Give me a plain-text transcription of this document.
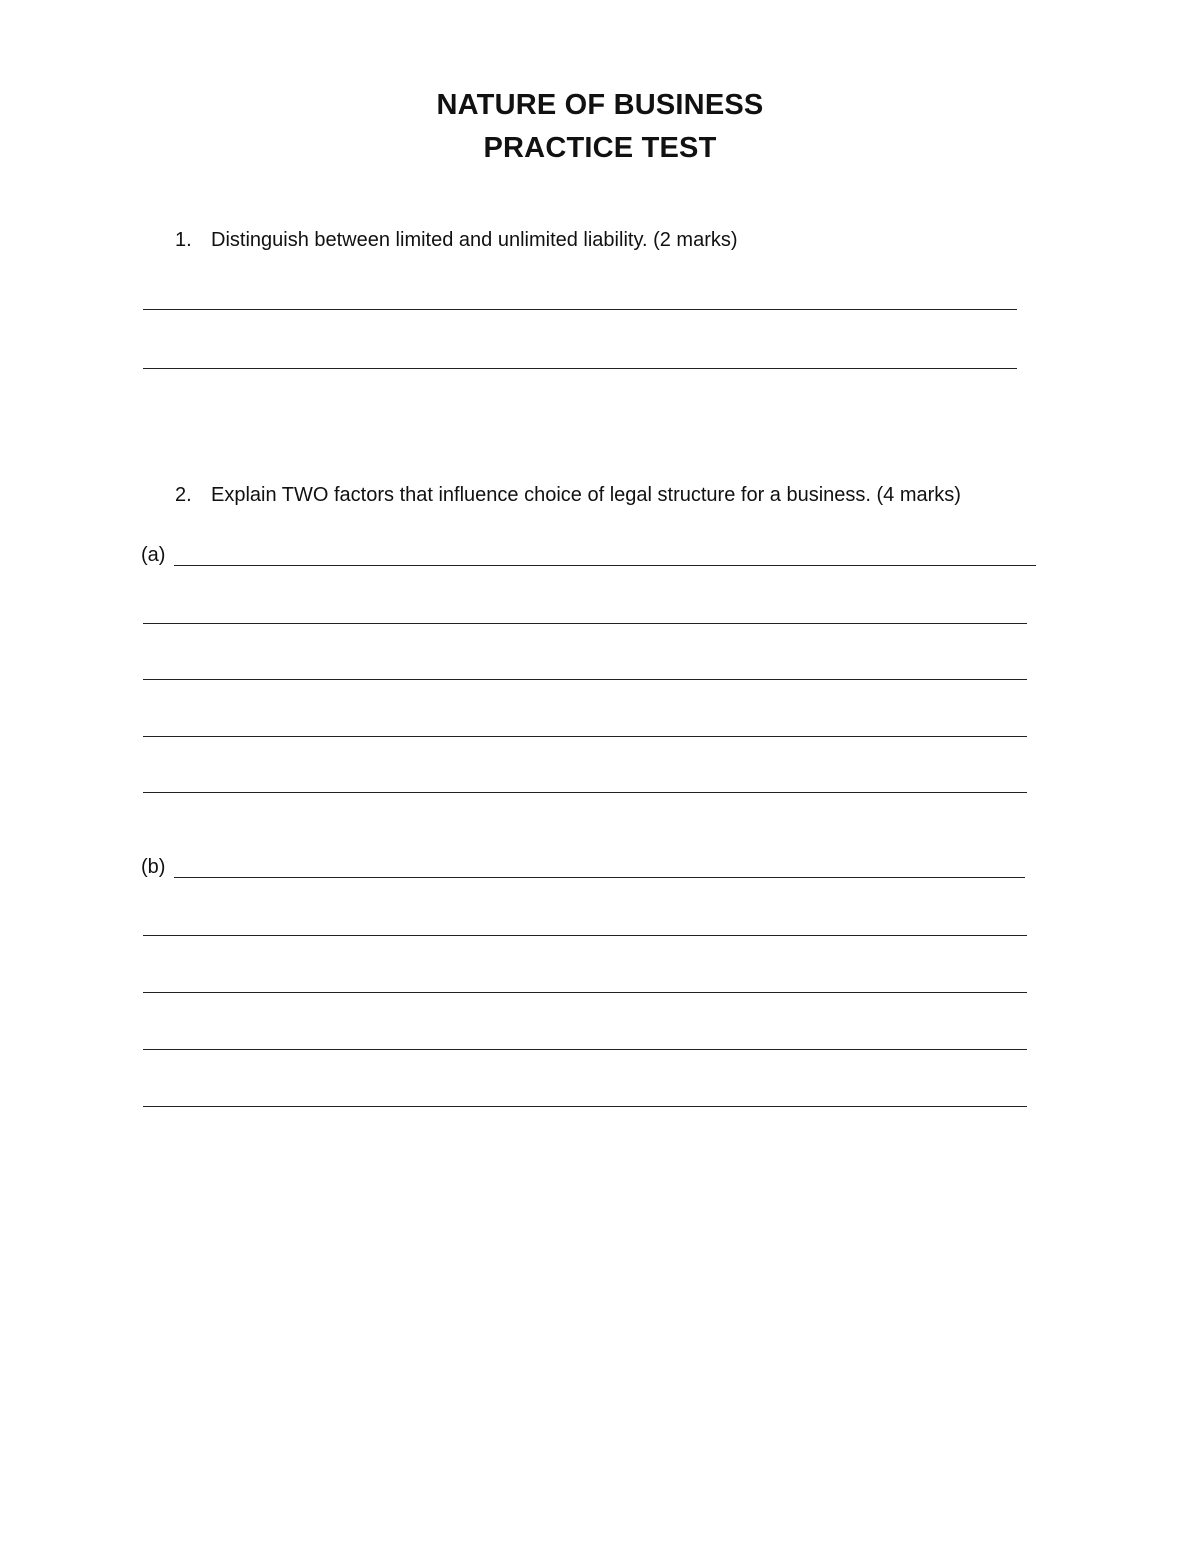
NATURE OF BUSINESS
PRACTICE TEST
1. Distinguish between limited and unlimited liability. (2 marks)
2. Explain TWO factors that influence choice of legal structure for a business. (4 marks)
(a)
(b)
